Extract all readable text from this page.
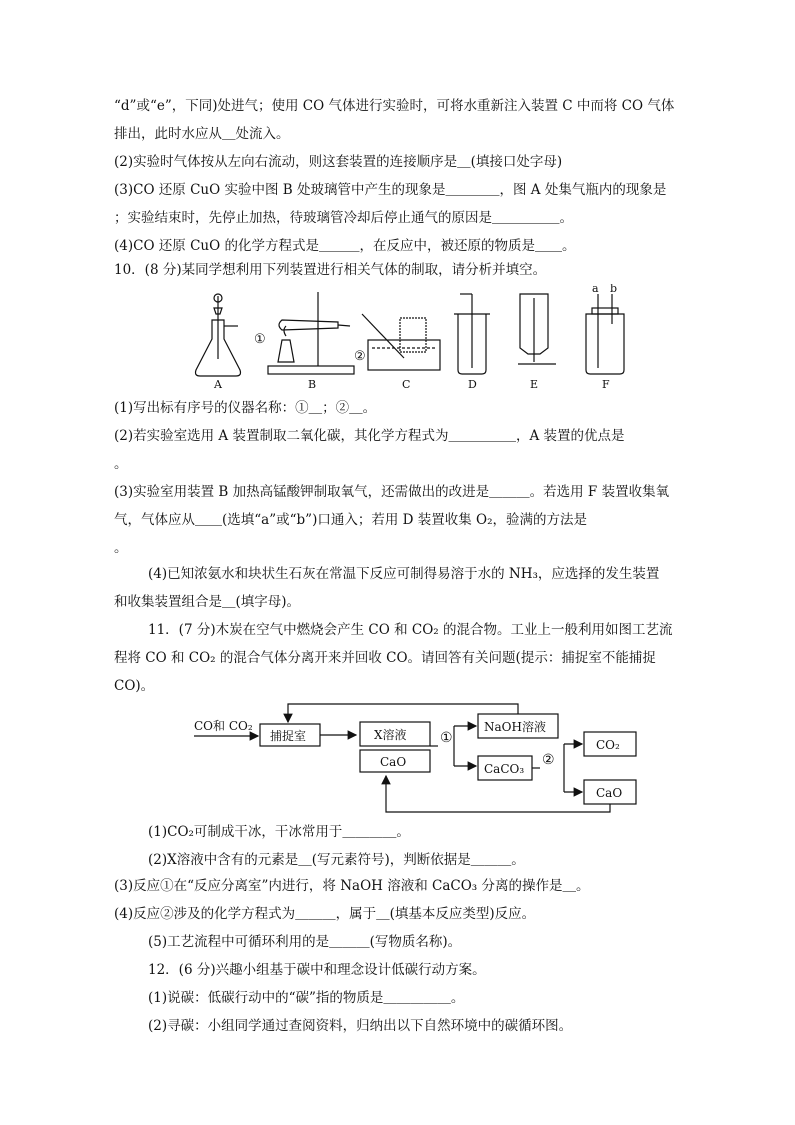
“d”或“e”，下同)处进气；使用 CO 气体进行实验时，可将水重新注入装置 C 中而将 CO 气体
排出，此时水应从＿处流入。
(2)实验时气体按从左向右流动，则这套装置的连接顺序是＿(填接口处字母)
(3)CO 还原 CuO 实验中图 B 处玻璃管中产生的现象是＿＿＿＿，图 A 处集气瓶内的现象是
；实验结束时，先停止加热，待玻璃管冷却后停止通气的原因是＿＿＿＿＿。
(4)CO 还原 CuO 的化学方程式是＿＿＿，在反应中，被还原的物质是＿＿。
10．(8 分)某同学想利用下列装置进行相关气体的制取，请分析并填空。
A
①
B
②
C	D	E
a b
F
(1)写出标有序号的仪器名称：①＿；②＿。
(2)若实验室选用 A 装置制取二氧化碳，其化学方程式为＿＿＿＿＿，A 装置的优点是
。
(3)实验室用装置 B 加热高锰酸钾制取氧气，还需做出的改进是＿＿＿。若选用 F 装置收集氧
气，气体应从＿＿(选填“a”或“b”)口通入；若用 D 装置收集 O₂，验满的方法是
。
(4)已知浓氨水和块状生石灰在常温下反应可制得易溶于水的 NH₃，应选择的发生装置
和收集装置组合是＿(填字母)。
11．(7 分)木炭在空气中燃烧会产生 CO 和 CO₂ 的混合物。工业上一般利用如图工艺流
程将 CO 和 CO₂ 的混合气体分离开来并回收 CO。请回答有关问题(提示：捕捉室不能捕捉
CO)。
CO和 CO₂
捕捉室	X溶液
CaO
①
NaOH溶液
CaCO₃
②
CO₂
CaO
(1)CO₂可制成干冰，干冰常用于＿＿＿＿。
(2)X溶液中含有的元素是＿(写元素符号)，判断依据是＿＿＿。
(3)反应①在“反应分离室”内进行，将 NaOH 溶液和 CaCO₃ 分离的操作是＿。
(4)反应②涉及的化学方程式为＿＿＿，属于＿(填基本反应类型)反应。
(5)工艺流程中可循环利用的是＿＿＿(写物质名称)。
12．(6 分)兴趣小组基于碳中和理念设计低碳行动方案。
(1)说碳：低碳行动中的“碳”指的物质是＿＿＿＿＿。
(2)寻碳：小组同学通过查阅资料，归纳出以下自然环境中的碳循环图。
